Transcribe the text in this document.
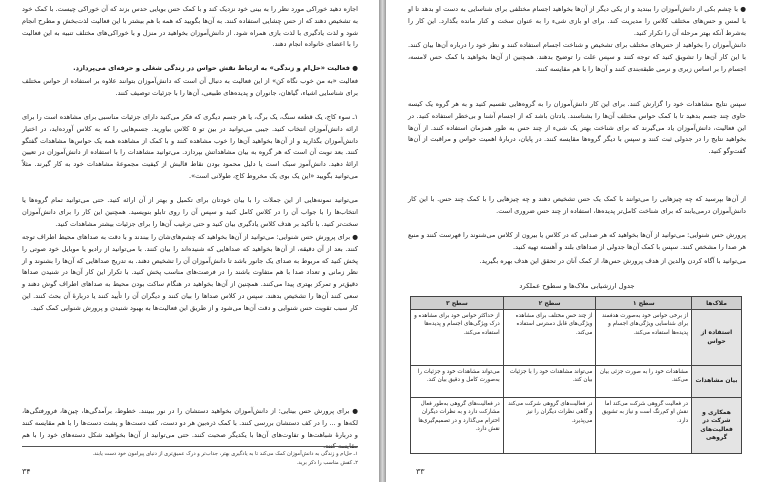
اجازه دهید خوراکی مورد نظر را به بینی خود نزدیک کند و با کمک حس بویایی حدس بزند که آن خوراکی چیست. با کمک خود به تشخیص دهند که از حس چشایی استفاده کنند. به آن‌ها بگویید که همه با هم بیشتر با این فعالیت لذت‌بخش و مطرح انجام شود و لذت یادگیری با لذت بازی همراه شود. از دانش‌آموزان بخواهید در منزل و با خوراکی‌های مختلف تنبیه به این فعالیت را با اعضای خانواده انجام دهند.
● فعالیت «حل‌ام و زندگی» به ارتباط نقش حواس در زندگی شغلی و حرفه‌ای می‌پردازد.
فعالیت «به من خوب نگاه کن» از این فعالیت به دنبال آن است که دانش‌آموزان بتوانند علاوه بر استفاده از حواس مختلف برای شناسایی اشیاء، گیاهان، جانوران و پدیده‌های طبیعی، آن‌ها را با جزئیات توصیف کنند.
۱ـ سوء‌ کاج، یک قطعه سنگ، یک برگ، یا هر جسم دیگری که فکر می‌کنید دارای جزئیات مناسبی برای مشاهده است را برای ارائه دانش‌آموزان انتخاب کنید. جیبی می‌توانید در بین تو ۵ کلاس بیاورید. جسم‌هایی را که به کلاس آورده‌اید، در اختیار دانش‌آموزان بگذارید و از آن‌ها بخواهید آن‌ها را خوب مشاهده کنند و با کمک از مشاهده همه یک حواس‌ها مشاهدات گفتگو کنند. بعد نوبت آن است که هر گروه به بیان مشاهداتش بپردازد. می‌توانید مشاهدات را با استفاده از دانش‌آموزان در تعیین ارائهٔ دهید. دانش‌آموز سبک است یا دلیل محمود بودن نقاط قالبش از کیفیت مجموعهٔ مشاهدات خود به کار گیرند. مثلاً می‌توانید بگویید «این یک بوی یک مخروط کاج، طولانی است».
می‌توانید نمونه‌هایی از این جملات را با بیان خودتان برای تکمیل و بهتر از آن ارائه کنید. حتی می‌توانید تمام گروه‌ها یا انتخاب‌ها را با جواب آن را در کلاس کامل کنید و سپس آن را روی تابلو بنویسید. همچنین این کار را برای دانش‌آموزان سخت‌تر کنید. با تأکید بر هدف کلاس یادگیری بیان کنید و حتی ترغیب آن‌ها را برای جزئیات بیشتر مشاهدات کنید.
● برای پرورش حس شنوایی: می‌توانید از آن‌ها بخواهید که چشم‌های‌شان را ببندند و با دقت به صداهای محیط اطراف توجه کنند. بعد از آن دقیقه، از آن‌ها بخواهید که صداهایی که شنیده‌اند را بیان کنند. با می‌توانید از رادیو یا موبایل خود صوتی را پخش کنید که مربوط به صدای یک جانور باشد تا دانش‌آموزان آن را تشخیص دهند. به تدریج صداهایی که آن‌ها را بشنوند و از نظر زمانی و تعداد صدا با هم متفاوت باشند را در فرصت‌های مناسب پخش کنید. با تکرار این کار آن‌ها در شنیدن صداها دقیق‌تر و تمرکز بهتری پیدا می‌کنند. همچنین از آن‌ها بخواهید در هنگام ساکت بودن محیط به صداهای اطراف گوش دهند و سعی کنند آن‌ها را تشخیص بدهند. سپس در کلاس صداها را بیان کنند و دیگران آن را تأیید کنند یا دربارهٔ آن بحث کنند. این کار سبب تقویت حس شنوایی و دقت آن‌ها می‌شود و از طریق این فعالیت‌ها به بهبود شنیدن و پرورش شنوایی کمک کنید.
● برای پرورش حس بینایی: از دانش‌آموزان بخواهید دستشان را در نور ببینند. خطوط، برآمدگی‌ها، چین‌ها، فرورفتگی‌ها، لکه‌ها و ... را در کف دستشان بررسی کنند. با کمک ذره‌بین هر دو دست، کف دست‌ها و پشت دست‌ها را با هم مقایسه کنند و دربارهٔ شباهت‌ها و تفاوت‌های آن‌ها با یکدیگر صحبت کنند. حتی می‌توانید از آن‌ها بخواهید شکل دسته‌های خود را با هم
۱ـ حل‌ام و زندگی به دانش‌آموزان کمک می‌کند تا به یادگیری بهتر، جذاب‌تر و درک عمیق‌تری از دنیای پیرامون خود دست یابند.
۲ـ کفش مناسب را ذکر برید.
۳۴
● با چشم بکی از دانش‌آموزان را ببندید و از یکی دیگر از آن‌ها بخواهید اجسام مختلفی برای شناسایی به دست او بدهد تا او با لمس و حس‌های مختلف کلاس را مدیریت کند. برای او بازی شیء را به عنوان سخت و کنار مانده بگذارد. این کار را به‌شرط آنکه بهتر مرحله آن را تکرار کنید.
دانش‌آموزان را بخواهید از حس‌های مختلف برای تشخیص و شناخت اجسام استفاده کنند و نظر خود را درباره آن‌ها بیان کنند. با این کار آن‌ها را تشویق کنید که توجه کنند و سپس علت را توضیح بدهند. همچنین از آن‌ها بخواهید با کمک حس لامسه، اجسام را بر اساس زبری و نرمی طبقه‌بندی کنند و آن‌ها را با هم مقایسه کنند.
سپس نتایج مشاهدات خود را گزارش کنند. برای این کار دانش‌آموزان را به گروه‌هایی تقسیم کنید و به هر گروه یک کیسه حاوی چند جسم بدهید تا با کمک حواس مختلف آن‌ها را بشناسند. یادتان باشد که از اجسام آشنا و بی‌خطر استفاده کنید. در این فعالیت، دانش‌آموزان یاد می‌گیرند که برای شناخت بهتر یک شیء از چند حس به طور همزمان استفاده کنند. از آن‌ها بخواهید نتایج را در جدولی ثبت کنند و سپس با دیگر گروه‌ها مقایسه کنند. در پایان، دربارهٔ اهمیت حواس و مراقبت از آن‌ها گفت‌وگو کنید.
از آن‌ها بپرسید که چه چیزهایی را می‌توانند با کمک یک حس تشخیص دهند و چه چیزهایی را با کمک چند حس. با این کار دانش‌آموزان درمی‌یابند که برای شناخت کامل‌تر پدیده‌ها، استفاده از چند حس ضروری است.
پرورش حس شنوایی: می‌توانید از آن‌ها بخواهید که هر صدایی که در کلاس یا بیرون از کلاس می‌شنوند را فهرست کنند و منبع هر صدا را مشخص کنند. سپس با کمک آن‌ها جدولی از صداهای بلند و آهسته تهیه کنید.
می‌توانید با آگاه کردن والدین از هدف پرورش حس‌ها، از کمک آنان در تحقق این هدف بهره بگیرید.
جدول ارزشیابی ملاک‌ها و سطوح عملکرد
ملاک‌ها	سطح ۱	سطح ۲	سطح ۳
استفاده از حواس	از برخی حواس خود به‌صورت هدفمند برای شناسایی ویژگی‌های اجسام و پدیده‌ها استفاده می‌کند.	از چند حس مختلف برای مشاهده ویژگی‌های قابل دسترس استفاده می‌کند.	از حداکثر حواس خود برای مشاهده و درک ویژگی‌های اجسام و پدیده‌ها استفاده می‌کند.
بیان مشاهدات	مشاهدات خود را به صورت جزئی بیان می‌کند.	می‌تواند مشاهدات خود را با جزئیات بیان کند.	می‌تواند مشاهدات خود و جزئیات را به‌صورت کامل و دقیق بیان کند.
همکاری و شرکت در فعالیت‌های گروهی	در فعالیت گروهی شرکت می‌کند اما نقش او کم‌رنگ است و نیاز به تشویق دارد.	در فعالیت‌های گروهی شرکت می‌کند و گاهی نظرات دیگران را نیز می‌پذیرد.	در فعالیت‌های گروهی به‌طور فعال مشارکت دارد و به نظرات دیگران احترام می‌گذارد و در تصمیم‌گیری‌ها نقش دارد.
۳۳
